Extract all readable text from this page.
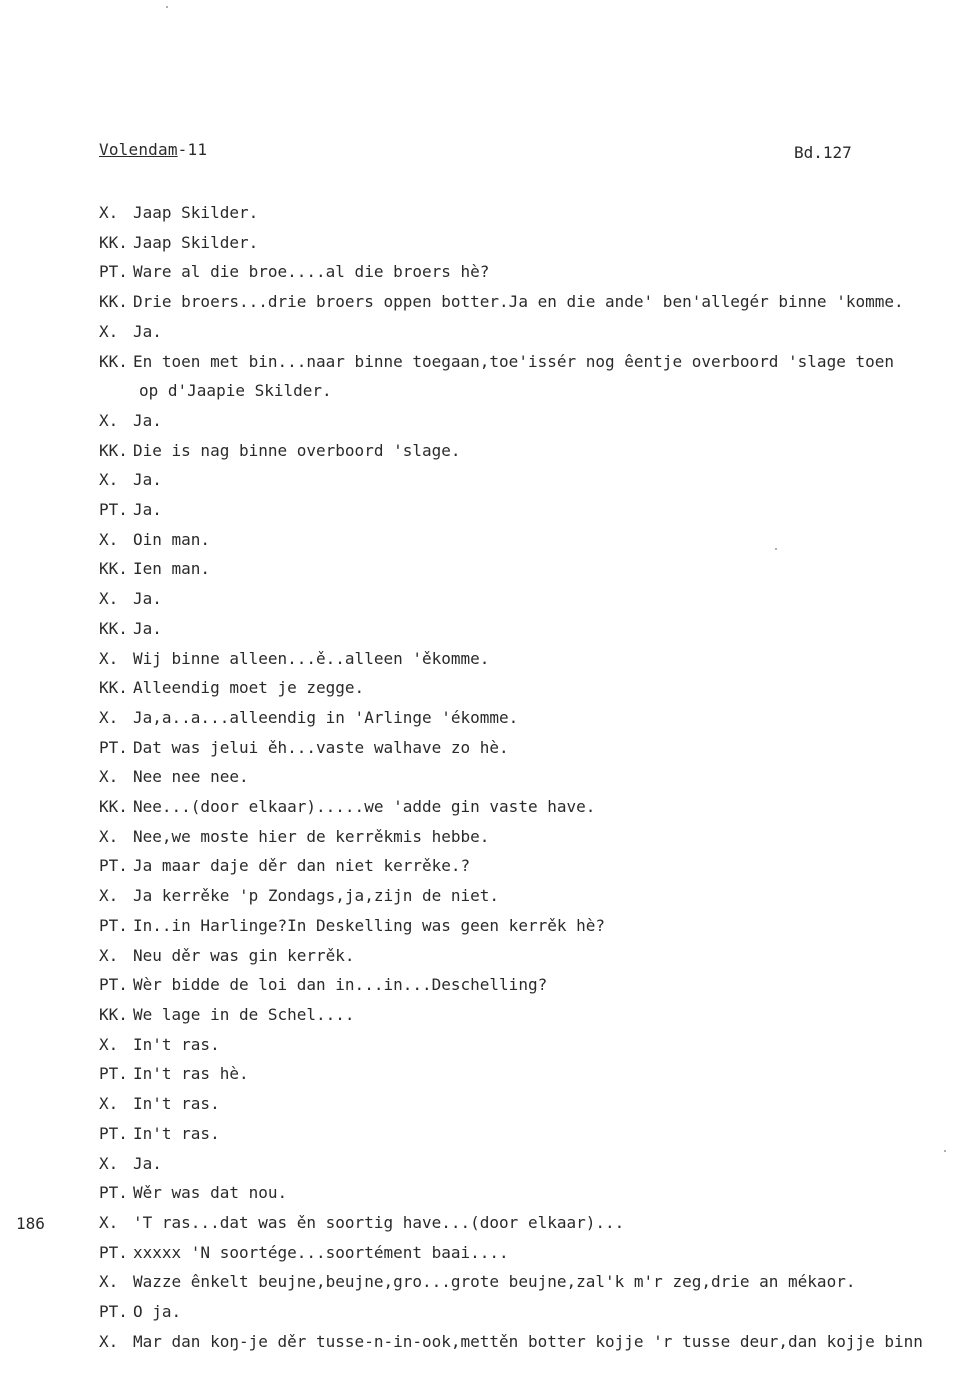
Volendam-11	Bd.127
186
X. Jaap Skilder.
KK. Jaap Skilder.
PT. Ware al die broe....al die broers hè?
KK. Drie broers...drie broers oppen botter.Ja en die ande' ben'allegér binne 'komme.
X. Ja.
KK. En toen met bin...naar binne toegaan,toe'issér nog êentje overboord 'slage toen
op d'Jaapie Skilder.
X. Ja.
KK. Die is nag binne overboord 'slage.
X. Ja.
PT. Ja.
X. Oin man.
KK. Ien man.
X. Ja.
KK. Ja.
X. Wij binne alleen...ě..alleen 'ěkomme.
KK. Alleendig moet je zegge.
X. Ja,a..a...alleendig in 'Arlinge 'ékomme.
PT. Dat was jelui ěh...vaste walhave zo hè.
X. Nee nee nee.
KK. Nee...(door elkaar).....we 'adde gin vaste have.
X. Nee,we moste hier de kerrěkmis hebbe.
PT. Ja maar daje děr dan niet kerrěke.?
X. Ja kerrěke 'p Zondags,ja,zijn de niet.
PT. In..in Harlinge?In Deskelling was geen kerrěk hè?
X. Neu děr was gin kerrěk.
PT. Wèr bidde de loi dan in...in...Deschelling?
KK. We lage in de Schel....
X. In't ras.
PT. In't ras hè.
X. In't ras.
PT. In't ras.
X. Ja.
PT. Wěr was dat nou.
X. 'T ras...dat was ěn soortig have...(door elkaar)...
PT. xxxxx 'N soortége...soortément baai....
X. Wazze ênkelt beujne,beujne,gro...grote beujne,zal'k m'r zeg,drie an mékaor.
PT. O ja.
X. Mar dan koŋ-je děr tusse-n-in-ook,mettěn botter kojje 'r tusse deur,dan kojje binn
